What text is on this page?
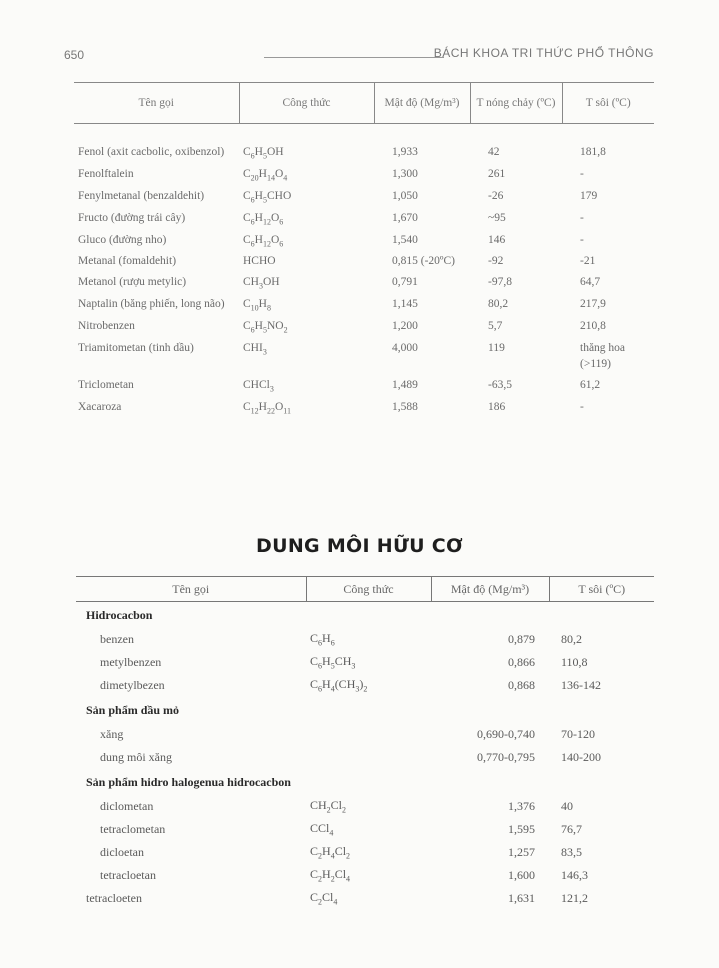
650	BÁCH KHOA TRI THỨC PHỔ THÔNG
Tên gọi	Công thức	Mật độ (Mg/m³)	T nóng chảy (ºC)	T sôi (ºC)
Fenol (axit cacbolic, oxibenzol)	$C_6H_5OH$	1,933	42	181,8
Fenolftalein	$C_{20}H_{14}O_4$	1,300	261	-
Fenylmetanal (benzaldehit)	$C_6H_5CHO$	1,050	-26	179
Fructo (đường trái cây)	$C_6H_{12}O_6$	1,670	~95	-
Gluco (đường nho)	$C_6H_{12}O_6$	1,540	146	-
Metanal (fomaldehit)	HCHO	0,815 (-20ºC)	-92	-21
Metanol (rượu metylic)	$CH_3OH$	0,791	-97,8	64,7
Naptalin (băng phiến, long não)	$C_{10}H_8$	1,145	80,2	217,9
Nitrobenzen	$C_6H_5NO_2$	1,200	5,7	210,8
Triamitometan (tinh dầu)	$CHI_3$	4,000	119	thăng hoa (>119)
Triclometan	CHCl$_3$	1,489	-63,5	61,2
Xacaroza	$C_{12}H_{22}O_{11}$	1,588	186	-
DUNG MÔI HỮU CƠ
Tên gọi	Công thức	Mật độ (Mg/m³)	T sôi (ºC)
Hidrocacbon			
benzen	$C_6H_6$	0,879	80,2
metylbenzen	$C_6H_5CH_3$	0,866	110,8
dimetylbezen	$C_6H_4(CH_3)_2$	0,868	136-142
Sản phẩm dầu mỏ			
xăng		0,690-0,740	70-120
dung môi xăng		0,770-0,795	140-200
Sản phẩm hidro halogenua hidrocacbon			
diclometan	$CH_2Cl_2$	1,376	40
tetraclometan	CCl$_4$	1,595	76,7
dicloetan	$C_2H_4Cl_2$	1,257	83,5
tetracloetan	$C_2H_2Cl_4$	1,600	146,3
tetracloeten	$C_2Cl_4$	1,631	121,2
